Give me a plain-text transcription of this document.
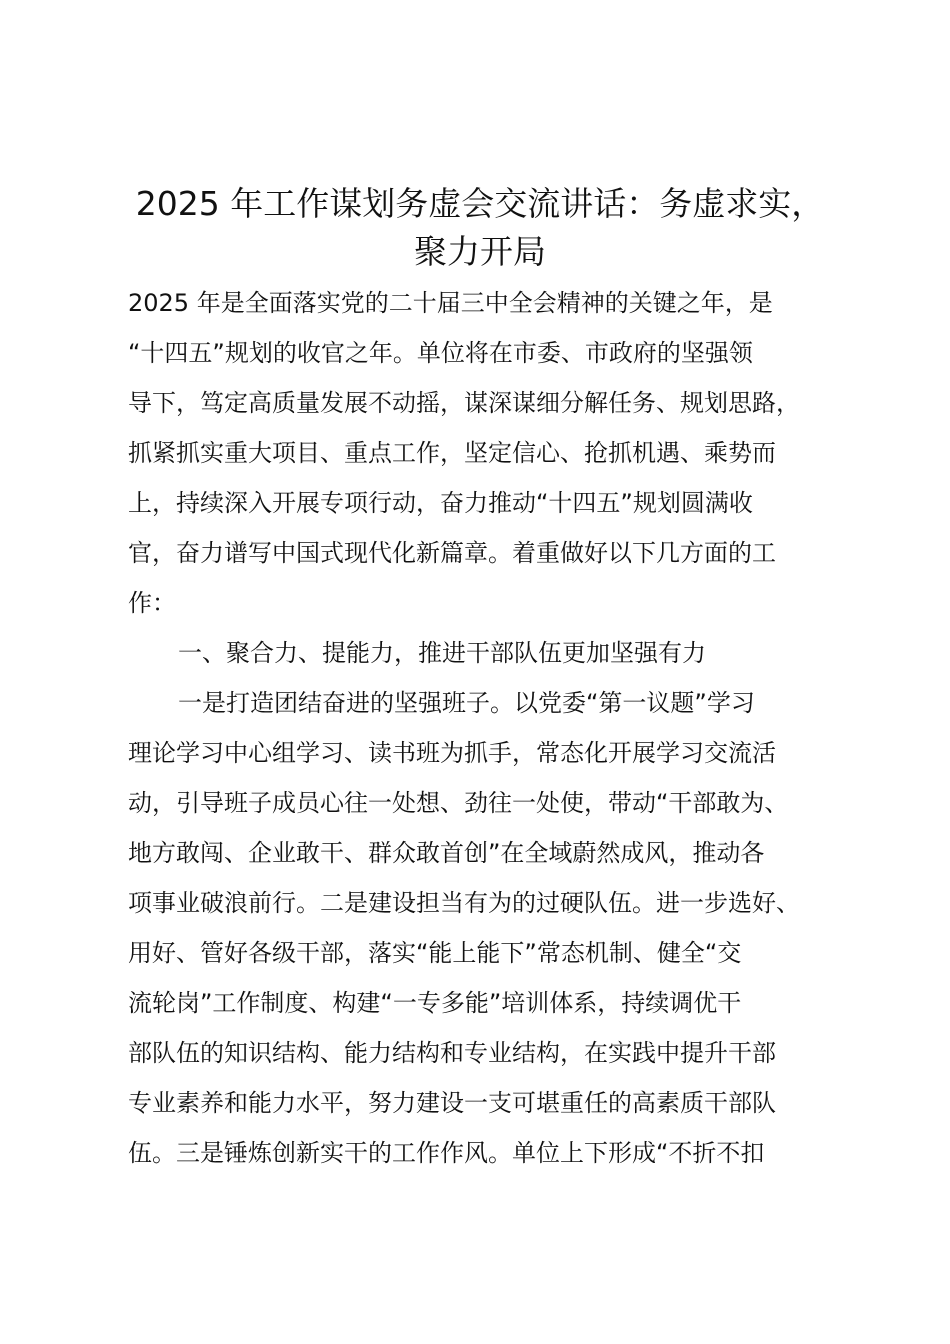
2025 年工作谋划务虚会交流讲话：务虚求实，
聚力开局

2025 年是全面落实党的二十届三中全会精神的关键之年，是

“十四五”规划的收官之年。单位将在市委、市政府的坚强领

导下，笃定高质量发展不动摇，谋深谋细分解任务、规划思路，

抓紧抓实重大项目、重点工作，坚定信心、抢抓机遇、乘势而

上，持续深入开展专项行动，奋力推动“十四五”规划圆满收

官，奋力谱写中国式现代化新篇章。着重做好以下几方面的工

作：

一、聚合力、提能力，推进干部队伍更加坚强有力

一是打造团结奋进的坚强班子。以党委“第一议题”学习

理论学习中心组学习、读书班为抓手，常态化开展学习交流活

动，引导班子成员心往一处想、劲往一处使，带动“干部敢为、

地方敢闯、企业敢干、群众敢首创”在全域蔚然成风，推动各

项事业破浪前行。二是建设担当有为的过硬队伍。进一步选好、

用好、管好各级干部，落实“能上能下”常态机制、健全“交

流轮岗”工作制度、构建“一专多能”培训体系，持续调优干

部队伍的知识结构、能力结构和专业结构，在实践中提升干部

专业素养和能力水平，努力建设一支可堪重任的高素质干部队

伍。三是锤炼创新实干的工作作风。单位上下形成“不折不扣
